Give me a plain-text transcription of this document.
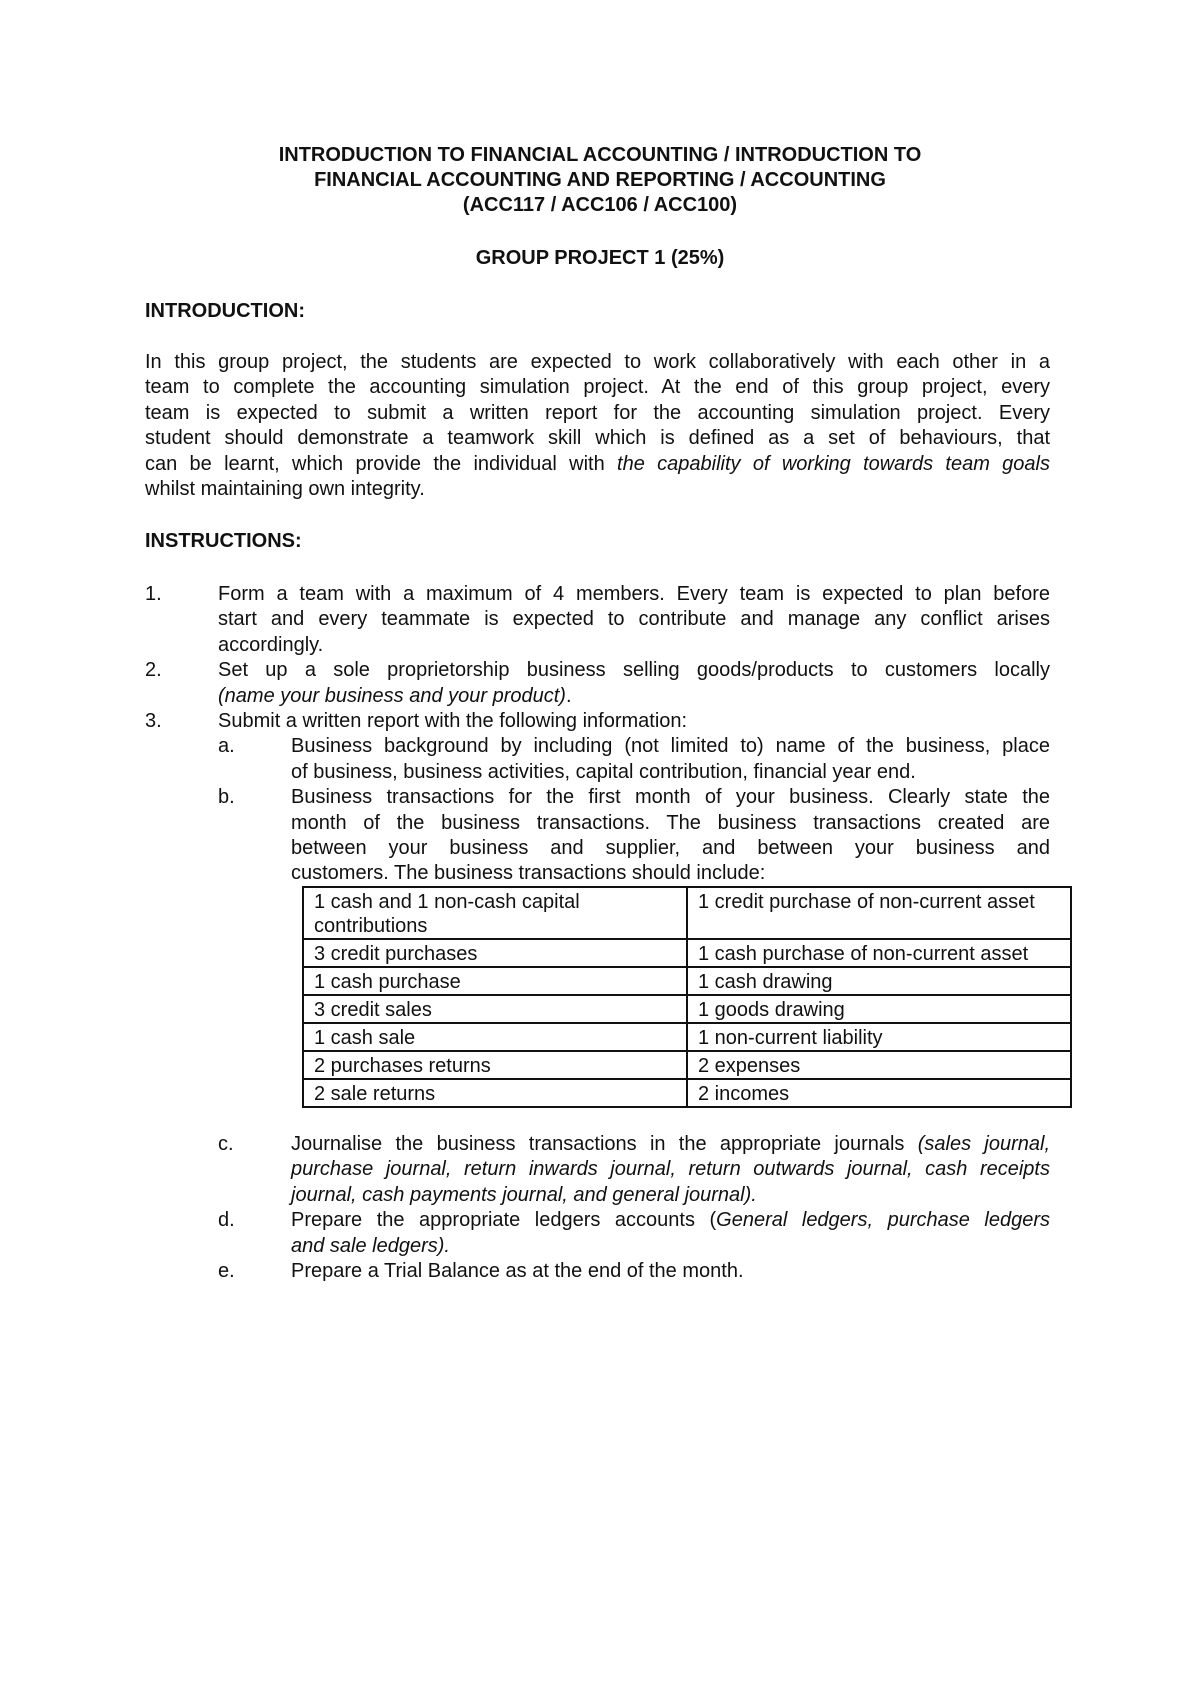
INTRODUCTION TO FINANCIAL ACCOUNTING / INTRODUCTION TO
FINANCIAL ACCOUNTING AND REPORTING / ACCOUNTING
(ACC117 / ACC106 / ACC100)
GROUP PROJECT 1 (25%)
INTRODUCTION:
In this group project, the students are expected to work collaboratively with each other in a
team to complete the accounting simulation project. At the end of this group project, every
team is expected to submit a written report for the accounting simulation project. Every
student should demonstrate a teamwork skill which is defined as a set of behaviours, that
can be learnt, which provide the individual with the capability of working towards team goals
whilst maintaining own integrity.
INSTRUCTIONS:
1.	Form a team with a maximum of 4 members. Every team is expected to plan before
start and every teammate is expected to contribute and manage any conflict arises
accordingly.
2.	Set up a sole proprietorship business selling goods/products to customers locally
(name your business and your product).
3.	Submit a written report with the following information:
a.	Business background by including (not limited to) name of the business, place
of business, business activities, capital contribution, financial year end.
b.	Business transactions for the first month of your business. Clearly state the
month of the business transactions. The business transactions created are
between your business and supplier, and between your business and
customers. The business transactions should include:
1 cash and 1 non-cash capital contributions	1 credit purchase of non-current asset
3 credit purchases	1 cash purchase of non-current asset
1 cash purchase	1 cash drawing
3 credit sales	1 goods drawing
1 cash sale	1 non-current liability
2 purchases returns	2 expenses
2 sale returns	2 incomes
c.	Journalise the business transactions in the appropriate journals (sales journal,
purchase journal, return inwards journal, return outwards journal, cash receipts
journal, cash payments journal, and general journal).
d.	Prepare the appropriate ledgers accounts (General ledgers, purchase ledgers
and sale ledgers).
e.	Prepare a Trial Balance as at the end of the month.
